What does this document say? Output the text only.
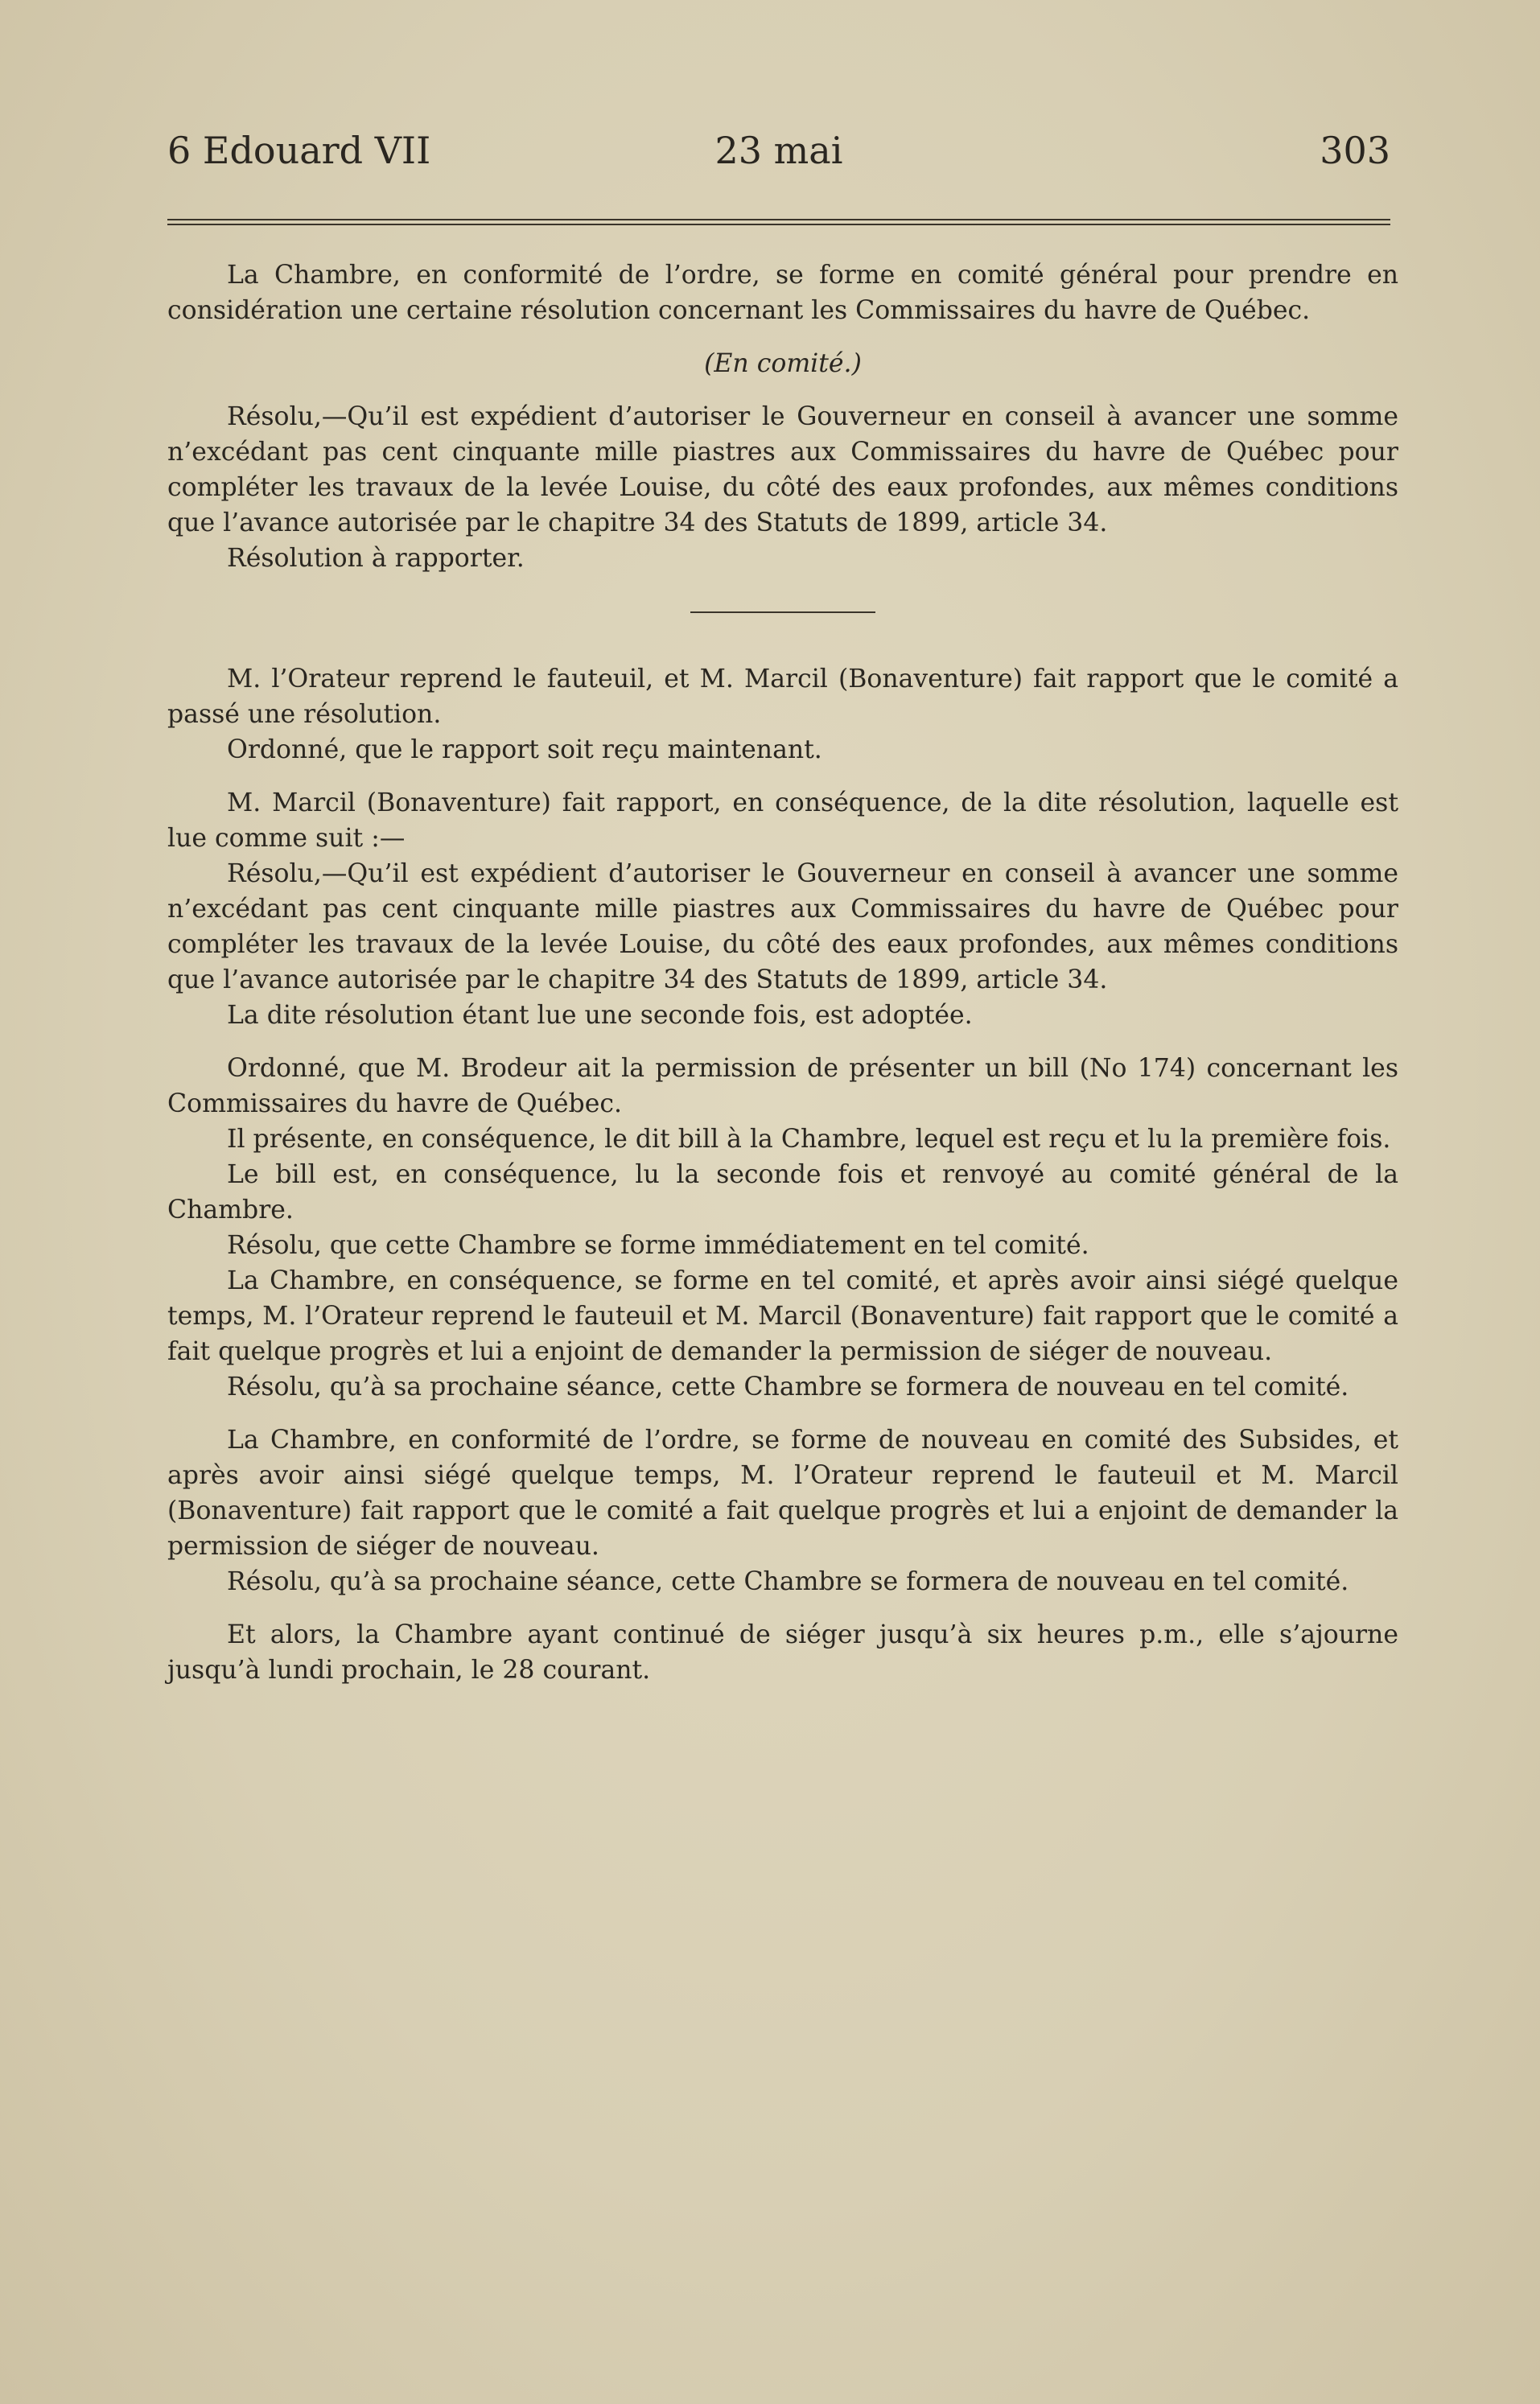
6 Edouard VII	23 mai	303

La Chambre, en conformité de l’ordre, se forme en comité général pour prendre en considération une certaine résolution concernant les Commissaires du havre de Québec.

(En comité.)

Résolu,—Qu’il est expédient d’autoriser le Gouverneur en conseil à avancer une somme n’excédant pas cent cinquante mille piastres aux Commissaires du havre de Québec pour compléter les travaux de la levée Louise, du côté des eaux profondes, aux mêmes conditions que l’avance autorisée par le chapitre 34 des Statuts de 1899, article 34.

Résolution à rapporter.

M. l’Orateur reprend le fauteuil, et M. Marcil (Bonaventure) fait rapport que le comité a passé une résolution.

Ordonné, que le rapport soit reçu maintenant.

M. Marcil (Bonaventure) fait rapport, en conséquence, de la dite résolution, laquelle est lue comme suit :—

Résolu,—Qu’il est expédient d’autoriser le Gouverneur en conseil à avancer une somme n’excédant pas cent cinquante mille piastres aux Commissaires du havre de Québec pour compléter les travaux de la levée Louise, du côté des eaux profondes, aux mêmes conditions que l’avance autorisée par le chapitre 34 des Statuts de 1899, article 34.

La dite résolution étant lue une seconde fois, est adoptée.

Ordonné, que M. Brodeur ait la permission de présenter un bill (No 174) concernant les Commissaires du havre de Québec.

Il présente, en conséquence, le dit bill à la Chambre, lequel est reçu et lu la première fois.

Le bill est, en conséquence, lu la seconde fois et renvoyé au comité général de la Chambre.

Résolu, que cette Chambre se forme immédiatement en tel comité.

La Chambre, en conséquence, se forme en tel comité, et après avoir ainsi siégé quelque temps, M. l’Orateur reprend le fauteuil et M. Marcil (Bonaventure) fait rapport que le comité a fait quelque progrès et lui a enjoint de demander la permission de siéger de nouveau.

Résolu, qu’à sa prochaine séance, cette Chambre se formera de nouveau en tel comité.

La Chambre, en conformité de l’ordre, se forme de nouveau en comité des Subsides, et après avoir ainsi siégé quelque temps, M. l’Orateur reprend le fauteuil et M. Marcil (Bonaventure) fait rapport que le comité a fait quelque progrès et lui a enjoint de demander la permission de siéger de nouveau.

Résolu, qu’à sa prochaine séance, cette Chambre se formera de nouveau en tel comité.

Et alors, la Chambre ayant continué de siéger jusqu’à six heures p.m., elle s’ajourne jusqu’à lundi prochain, le 28 courant.
